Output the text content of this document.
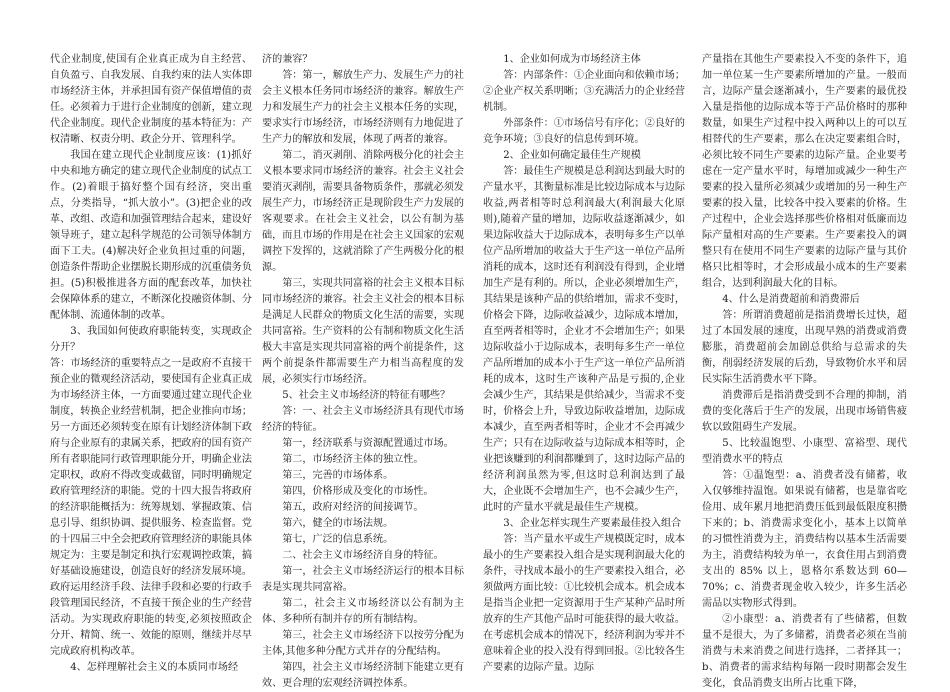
代企业制度,使国有企业真正成为自主经营、自负盈亏、自我发展、自我约束的法人实体即市场经济主体，并承担国有资产保值增值的责任。必须着力于进行企业制度的创新，建立现代企业制度。现代企业制度的基本特征为：产权清晰、权责分明、政企分开、管理科学。

我国在建立现代企业制度应该：(1)抓好中央和地方确定的建立现代企业制度的试点工作。(2)着眼于搞好整个国有经济，突出重点，分类指导，“抓大放小”。(3)把企业的改革、改组、改造和加强管理结合起来，建设好领导班子，建立起科学规范的公司领导体制方面下工夫。(4)解决好企业负担过重的问题，创造条件帮助企业摆脱长期形成的沉重债务负担。(5)积极推进各方面的配套改革，加快社会保障体系的建立，不断深化投融资体制、分配体制、流通体制的改革。

3、我国如何使政府职能转变，实现政企分开？

答：市场经济的重要特点之一是政府不直接干预企业的微观经济活动，要使国有企业真正成为市场经济主体，一方面要通过建立现代企业制度，转换企业经营机制，把企业推向市场；另一方面还必须转变在原有计划经济体制下政府与企业原有的隶属关系，把政府的国有资产所有者职能同行政管理职能分开，明确企业法定职权，政府不得改变或截留，同时明确规定政府管理经济的职能。党的十四大报告将政府的经济职能概括为：统筹规划、掌握政策、信息引导、组织协调、提供服务、检查监督。党的十四届三中全会把政府管理经济的职能具体规定为：主要是制定和执行宏观调控政策，搞好基础设施建设，创造良好的经济发展环境。政府运用经济手段、法律手段和必要的行政手段管理国民经济，不直接干预企业的生产经营活动。为实现政府职能的转变,必须按照政企分开、精简、统一、效能的原则，继续并尽早完成政府机构改革。

4、怎样理解社会主义的本质同市场经

济的兼容？

答：第一，解放生产力、发展生产力的社会主义根本任务同市场经济的兼容。解放生产力和发展生产力的社会主义根本任务的实现，要求实行市场经济，市场经济则有力地促进了生产力的解放和发展，体现了两者的兼容。

第二，消灭剥削、消除两极分化的社会主义根本要求同市场经济的兼容。社会主义社会要消灭剥削，需要具备物质条件，那就必须发展生产力，市场经济正是现阶段生产力发展的客观要求。在社会主义社会，以公有制为基础，而且市场的作用是在社会主义国家的宏观调控下发挥的，这就消除了产生两极分化的根源。

第三，实现共同富裕的社会主义根本目标同市场经济的兼容。社会主义社会的根本目标是满足人民群众的物质文化生活的需要，实现共同富裕。生产资料的公有制和物质文化生活极大丰富是实现共同富裕的两个前提条件，这两个前提条件都需要生产力相当高程度的发展，必须实行市场经济。

5、社会主义市场经济的特征有哪些？

答：一、社会主义市场经济具有现代市场经济的特征。

第一，经济联系与资源配置通过市场。

第二，市场经济主体的独立性。

第三，完善的市场体系。

第四，价格形成及变化的市场性。

第五，政府对经济的间接调节。

第六，健全的市场法规。

第七，广泛的信息系统。

二、社会主义市场经济自身的特征。

第一，社会主义市场经济运行的根本目标表是实现共同富裕。

第二，社会主义市场经济以公有制为主体、多种所有制并存的所有制结构。

第三，社会主义市场经济下以按劳分配为主体,其他多种分配方式并存的分配结构。

第四，社会主义市场经济制下能建立更有效、更合理的宏观经济调控体系。

1、企业如何成为市场经济主体

答：内部条件：①企业面向和依赖市场；②企业产权关系明晰；③充满活力的企业经营机制。

外部条件：①市场信号有序化；②良好的竞争环境；③良好的信息传到环境。

2、企业如何确定最佳生产规模

答：最佳生产规模是总利润达到最大时的产量水平，其衡量标准是比较边际成本与边际收益,两者相等时总利润最大(利润最大化原则),随着产量的增加，边际收益逐渐减少，如果边际收益大于边际成本，表明每多生产以单位产品所增加的收益大于生产这一单位产品所消耗的成本，这时还有利润没有得到，企业增加生产是有利的。所以，企业必须增加生产，其结果是该种产品的供给增加，需求不变时，价格会下降，边际收益减少，边际成本增加，直至两者相等时，企业才不会增加生产；如果边际收益小于边际成本，表明每多生产一单位产品所增加的成本小于生产这一单位产品所消耗的成本，这时生产该种产品是亏损的,企业会减少生产，其结果是供给减少，当需求不变时，价格会上升，导致边际收益增加，边际成本减少，直至两者相等时，企业才不会再减少生产；只有在边际收益与边际成本相等时，企业把该赚到的利润都赚到了，这时边际产品的经济利润虽然为零,但这时总利润达到了最大，企业既不会增加生产，也不会减少生产，此时的产量水平就是最佳生产规模。

3、企业怎样实现生产要素最佳投入组合

答：当产量水平或生产规模既定时，成本最小的生产要素投入组合是实现利润最大化的条件，寻找成本最小的生产要素投入组合，必须做两方面比较：①比较机会成本。机会成本是指当企业把一定资源用于生产某种产品时所放弃的生产其他产品时可能获得的最大收益。在考虑机会成本的情况下，经济利润为零并不意味着企业的投入没有得到回报。②比较各生产要素的边际产量。边际

产量指在其他生产要素投入不变的条件下，追加一单位某一生产要素所增加的产量。一般而言，边际产量会逐渐减小，生产要素的最优投入量是指他的边际成本等于产品价格时的那种数量，如果生产过程中投入两种以上的可以互相替代的生产要素，那么在决定要素组合时，必须比较不同生产要素的边际产量。企业要考虑在一定产量水平时，每增加或减少一种生产要素的投入量所必须减少或增加的另一种生产要素的投入量，比较各中投入要素的价格。生产过程中，企业会选择那些价格相对低廉而边际产量相对高的生产要素。生产要素投入的调整只有在使用不同生产要素的边际产量与其价格只比相等时，才会形成最小成本的生产要素组合，达到利润最大化的目标。

4、什么是消费超前和消费滞后

答：所谓消费超前是指消费增长过快，超过了本国发展的速度，出现早熟的消费或消费膨胀，消费超前会加剧总供给与总需求的失衡，削弱经济发展的后劲，导致物价水平和居民实际生活消费水平下降。

消费滞后是指消费受到不合理的抑制，消费的变化落后于生产的发展，出现市场销售疲软以致阻碍生产发展。

5、比较温饱型、小康型、富裕型、现代型消费水平的特点

答：①温饱型：a、消费者没有储蓄，收入仅够维持温饱。如果说有储蓄，也是靠省吃俭用、成年累月地把消费压低到最低限度积攒下来的；b、消费需求变化小，基本上以简单的习惯性消费为主，消费结构以基本生活需要为主，消费结构较为单一，衣食住用占到消费支出的 85% 以上，恩格尔系数达到 60—70%；c、消费者现金收入较少，许多生活必需品以实物形式得到。

②小康型：a、消费者有了些储蓄，但数量不是很大，为了多储蓄，消费者必须在当前消费与未来消费之间进行选择，二者择其一；b、消费者的需求结构每隔一段时期都会发生变化，食品消费支出所占比重下降，
